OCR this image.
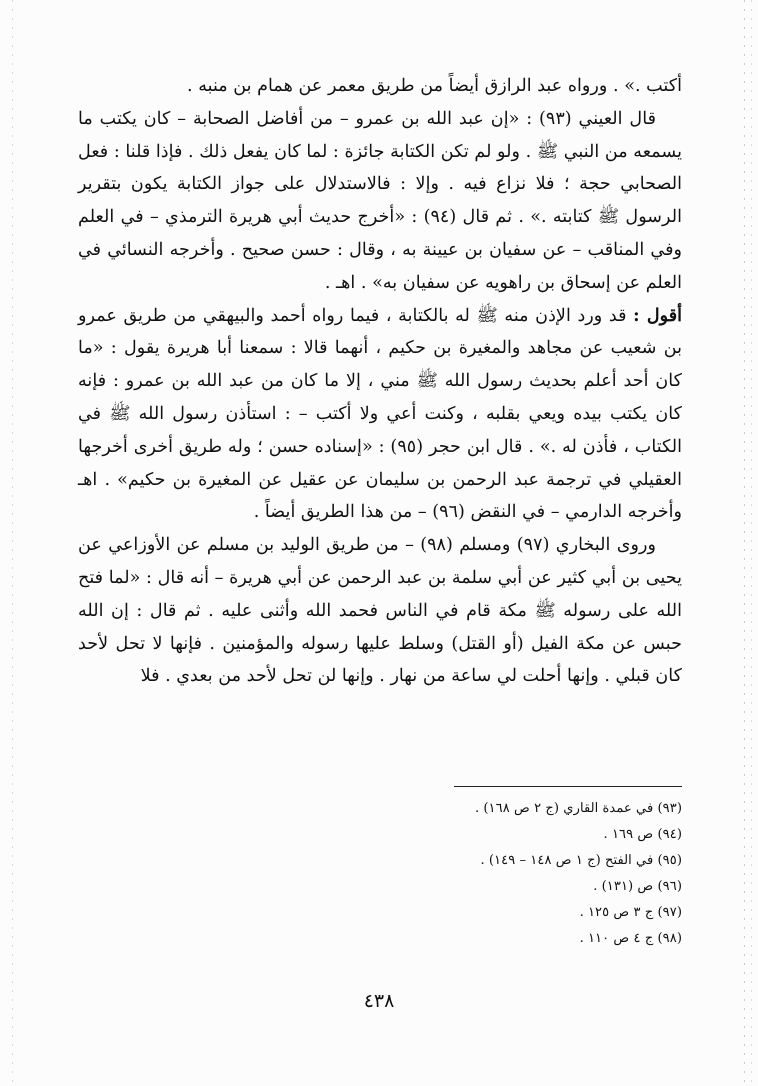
أكتب .» . ورواه عبد الرازق أيضاً من طريق معمر عن همام بن منبه .

قال العيني (٩٣) : «إن عبد الله بن عمرو – من أفاضل الصحابة – كان يكتب ما يسمعه من النبي ﷺ . ولو لم تكن الكتابة جائزة : لما كان يفعل ذلك . فإذا قلنا : فعل الصحابي حجة ؛ فلا نزاع فيه . وإلا : فالاستدلال على جواز الكتابة يكون بتقرير الرسول ﷺ كتابته .» . ثم قال (٩٤) : «أخرج حديث أبي هريرة الترمذي – في العلم وفي المناقب – عن سفيان بن عيينة به ، وقال : حسن صحيح . وأخرجه النسائي في العلم عن إسحاق بن راهويه عن سفيان به» . اهـ .

أقول : قد ورد الإذن منه ﷺ له بالكتابة ، فيما رواه أحمد والبيهقي من طريق عمرو بن شعيب عن مجاهد والمغيرة بن حكيم ، أنهما قالا : سمعنا أبا هريرة يقول : «ما كان أحد أعلم بحديث رسول الله ﷺ مني ، إلا ما كان من عبد الله بن عمرو : فإنه كان يكتب بيده ويعي بقلبه ، وكنت أعي ولا أكتب – : استأذن رسول الله ﷺ في الكتاب ، فأذن له .» . قال ابن حجر (٩٥) : «إسناده حسن ؛ وله طريق أخرى أخرجها العقيلي في ترجمة عبد الرحمن بن سليمان عن عقيل عن المغيرة بن حكيم» . اهـ وأخرجه الدارمي – في النقض (٩٦) – من هذا الطريق أيضاً .

وروى البخاري (٩٧) ومسلم (٩٨) – من طريق الوليد بن مسلم عن الأوزاعي عن يحيى بن أبي كثير عن أبي سلمة بن عبد الرحمن عن أبي هريرة – أنه قال : «لما فتح الله على رسوله ﷺ مكة قام في الناس فحمد الله وأثنى عليه . ثم قال : إن الله حبس عن مكة الفيل (أو القتل) وسلط عليها رسوله والمؤمنين . فإنها لا تحل لأحد كان قبلي . وإنها أحلت لي ساعة من نهار . وإنها لن تحل لأحد من بعدي . فلا

(٩٣) في عمدة القاري (ج ٢ ص ١٦٨) .
(٩٤) ص ١٦٩ .
(٩٥) في الفتح (ج ١ ص ١٤٨ – ١٤٩) .
(٩٦) ص (١٣١) .
(٩٧) ج ٣ ص ١٢٥ .
(٩٨) ج ٤ ص ١١٠ .
٤٣٨
